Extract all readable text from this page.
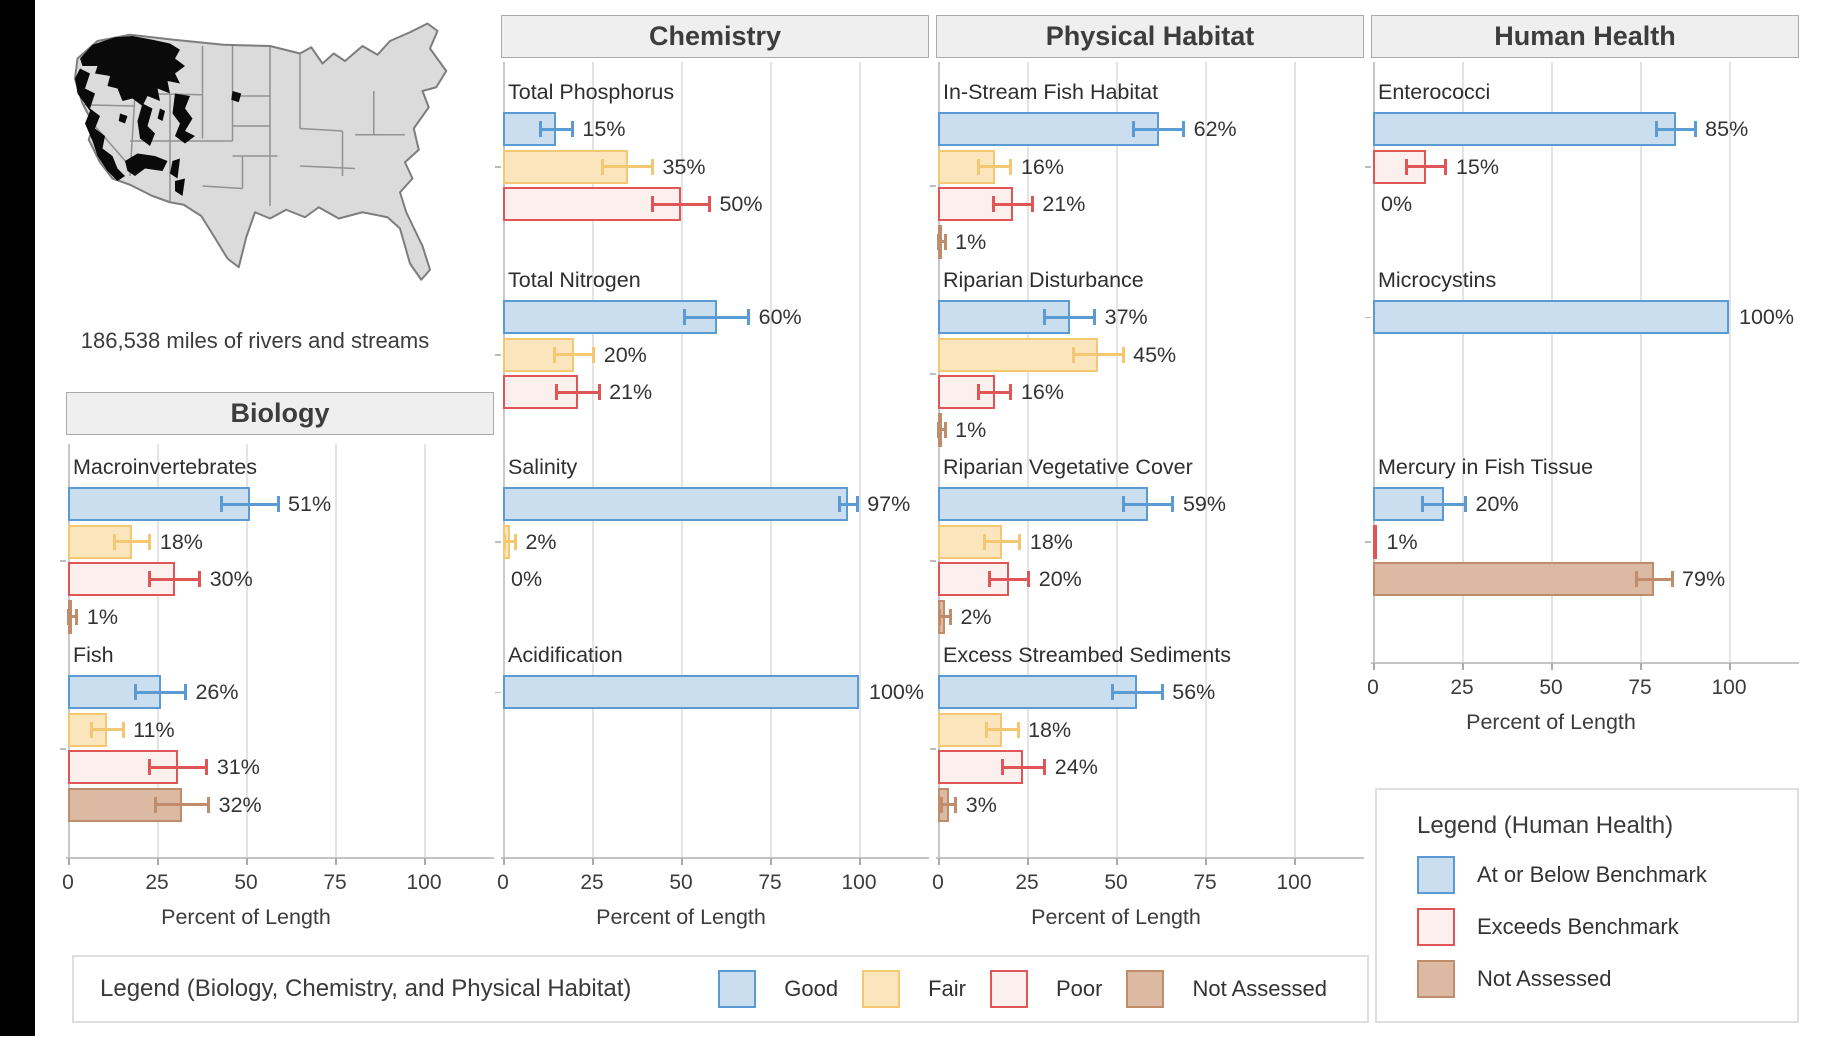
186,538 miles of rivers and streams
Biology
Macroinvertebrates
51%
18%
30%
1%
Fish
26%
11%
31%
32%
0	25	50	75	100
Percent of Length
Chemistry
Total Phosphorus
15%
35%
50%
Total Nitrogen
60%
20%
21%
Salinity
97%
2%
0%
Acidification
100%
0	25	50	75	100
Percent of Length
Physical Habitat
In-Stream Fish Habitat
62%
16%
21%
1%
Riparian Disturbance
37%
45%
16%
1%
Riparian Vegetative Cover
59%
18%
20%
2%
Excess Streambed Sediments
56%
18%
24%
3%
0	25	50	75	100
Percent of Length
Human Health
Enterococci
85%
15%
0%
Microcystins
100%
Mercury in Fish Tissue
20%
1%
79%
0	25	50	75	100
Percent of Length
Legend (Biology, Chemistry, and Physical Habitat)	Good	Fair	Poor	Not Assessed
Legend (Human Health)
At or Below Benchmark
Exceeds Benchmark
Not Assessed
